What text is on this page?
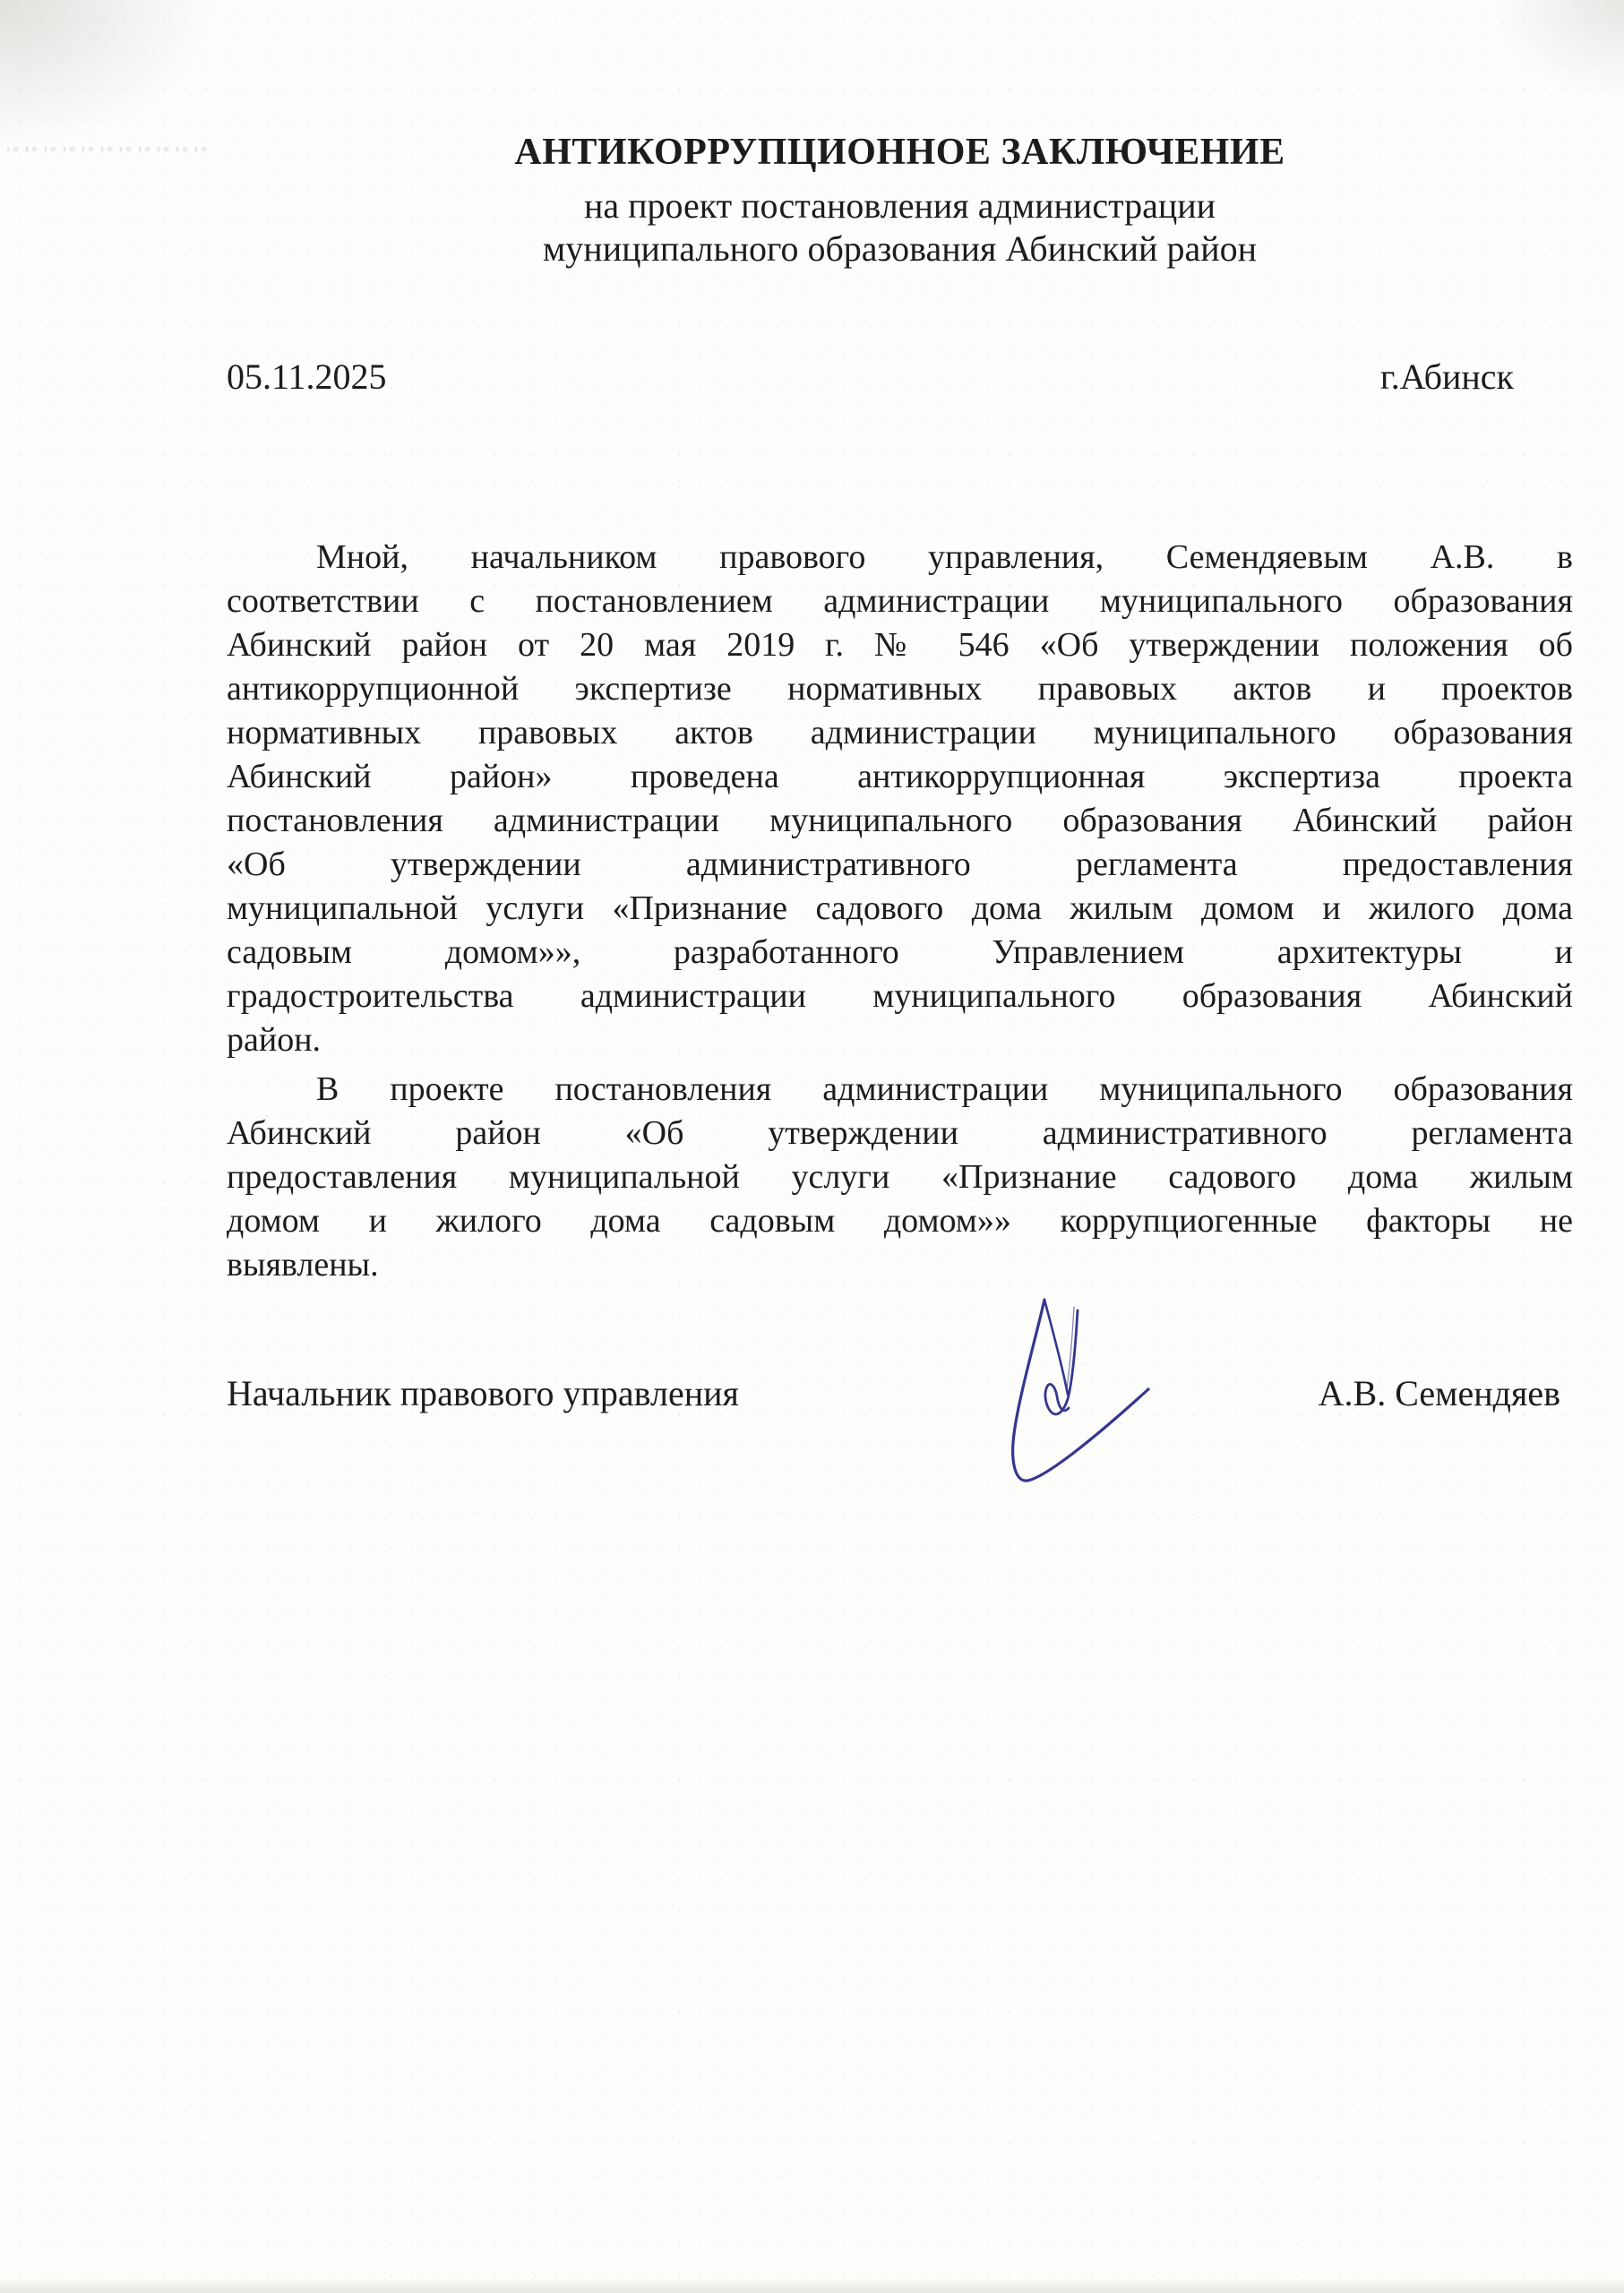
АНТИКОРРУПЦИОННОЕ ЗАКЛЮЧЕНИЕ
на проект постановления администрации
муниципального образования Абинский район
05.11.2025	г.Абинск
Мной, начальником правового управления, Семендяевым А.В. в
соответствии с постановлением администрации муниципального образования
Абинский район от 20 мая 2019 г. № 546 «Об утверждении положения об
антикоррупционной экспертизе нормативных правовых актов и проектов
нормативных правовых актов администрации муниципального образования
Абинский район» проведена антикоррупционная экспертиза проекта
постановления администрации муниципального образования Абинский район
«Об утверждении административного регламента предоставления
муниципальной услуги «Признание садового дома жилым домом и жилого дома
садовым домом»», разработанного Управлением архитектуры и
градостроительства администрации муниципального образования Абинский
район.
В проекте постановления администрации муниципального образования
Абинский район «Об утверждении административного регламента
предоставления муниципальной услуги «Признание садового дома жилым
домом и жилого дома садовым домом»» коррупциогенные факторы не
выявлены.
Начальник правового управления	А.В. Семендяев
